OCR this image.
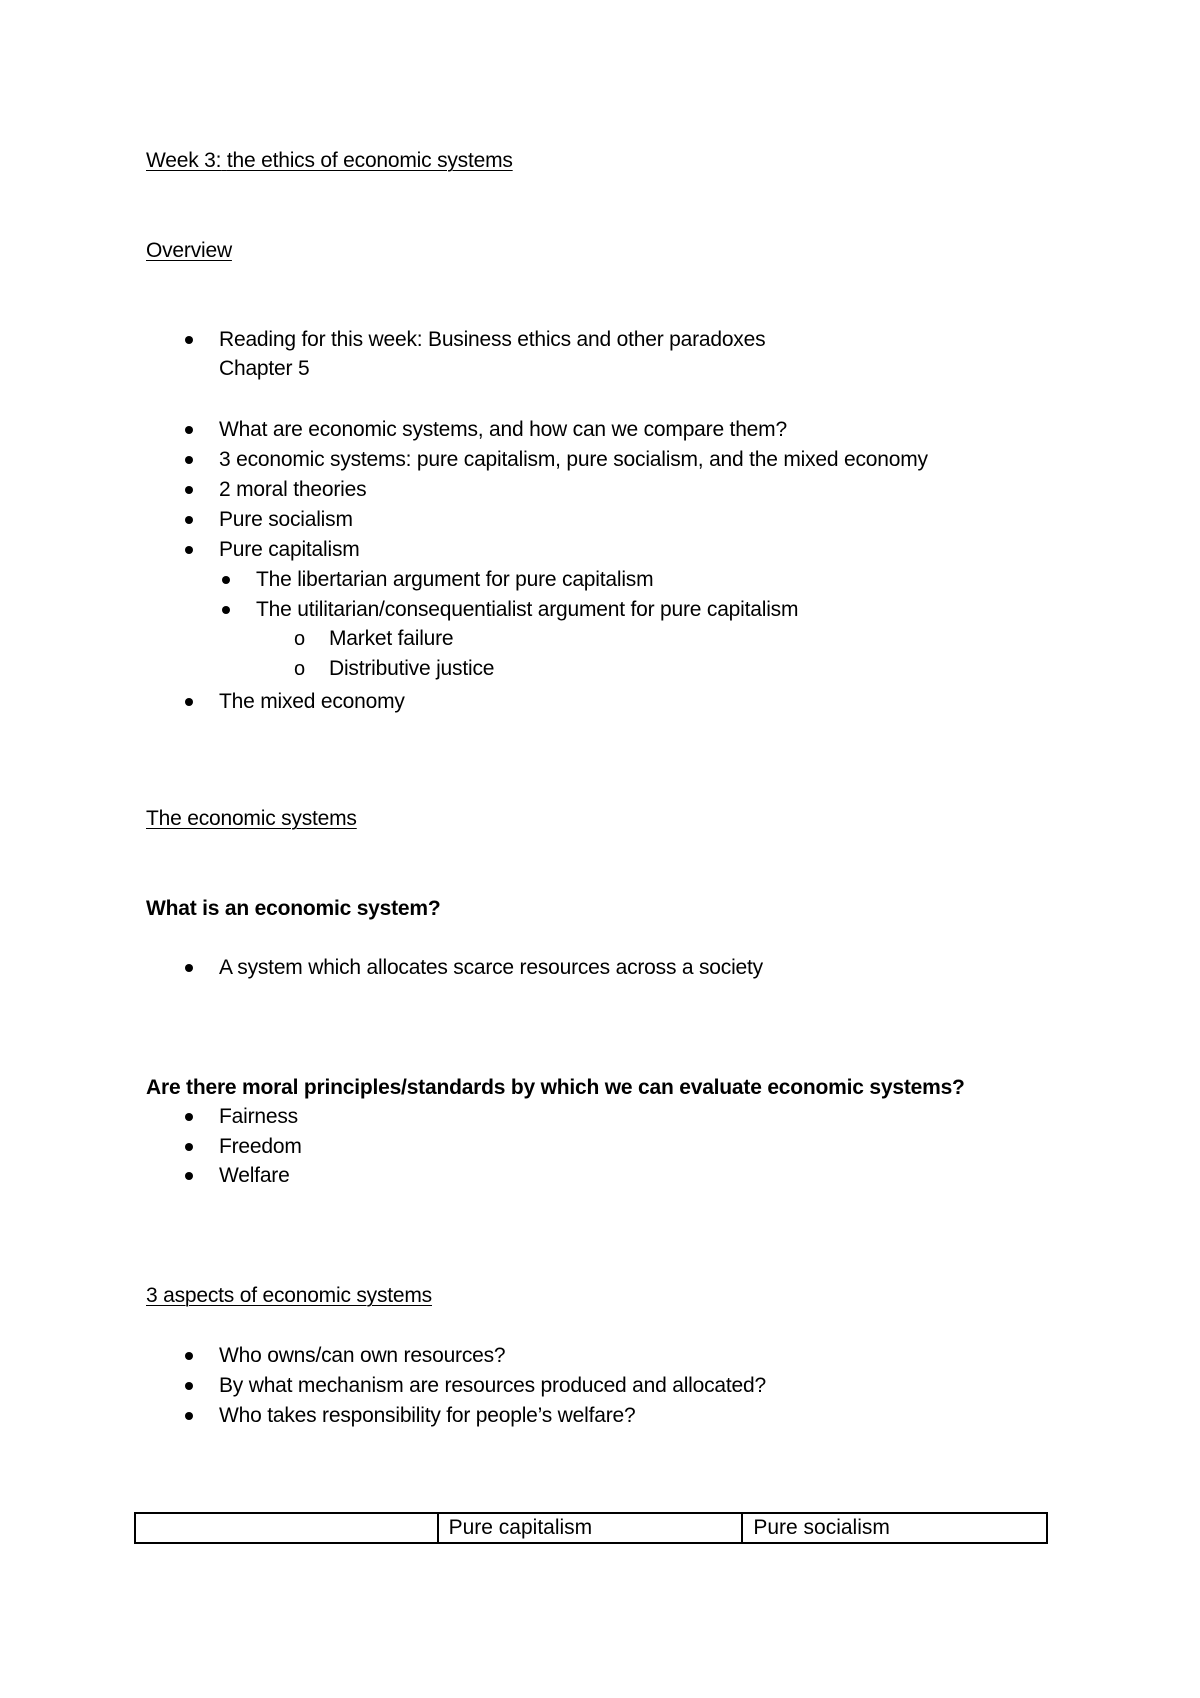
Week 3: the ethics of economic systems
Overview
Reading for this week: Business ethics and other paradoxes
Chapter 5
What are economic systems, and how can we compare them?
3 economic systems: pure capitalism, pure socialism, and the mixed economy
2 moral theories
Pure socialism
Pure capitalism
The libertarian argument for pure capitalism
The utilitarian/consequentialist argument for pure capitalism
o Market failure
o Distributive justice
The mixed economy
The economic systems
What is an economic system?
A system which allocates scarce resources across a society
Are there moral principles/standards by which we can evaluate economic systems?
Fairness
Freedom
Welfare
3 aspects of economic systems
Who owns/can own resources?
By what mechanism are resources produced and allocated?
Who takes responsibility for people’s welfare?
	Pure capitalism	Pure socialism
